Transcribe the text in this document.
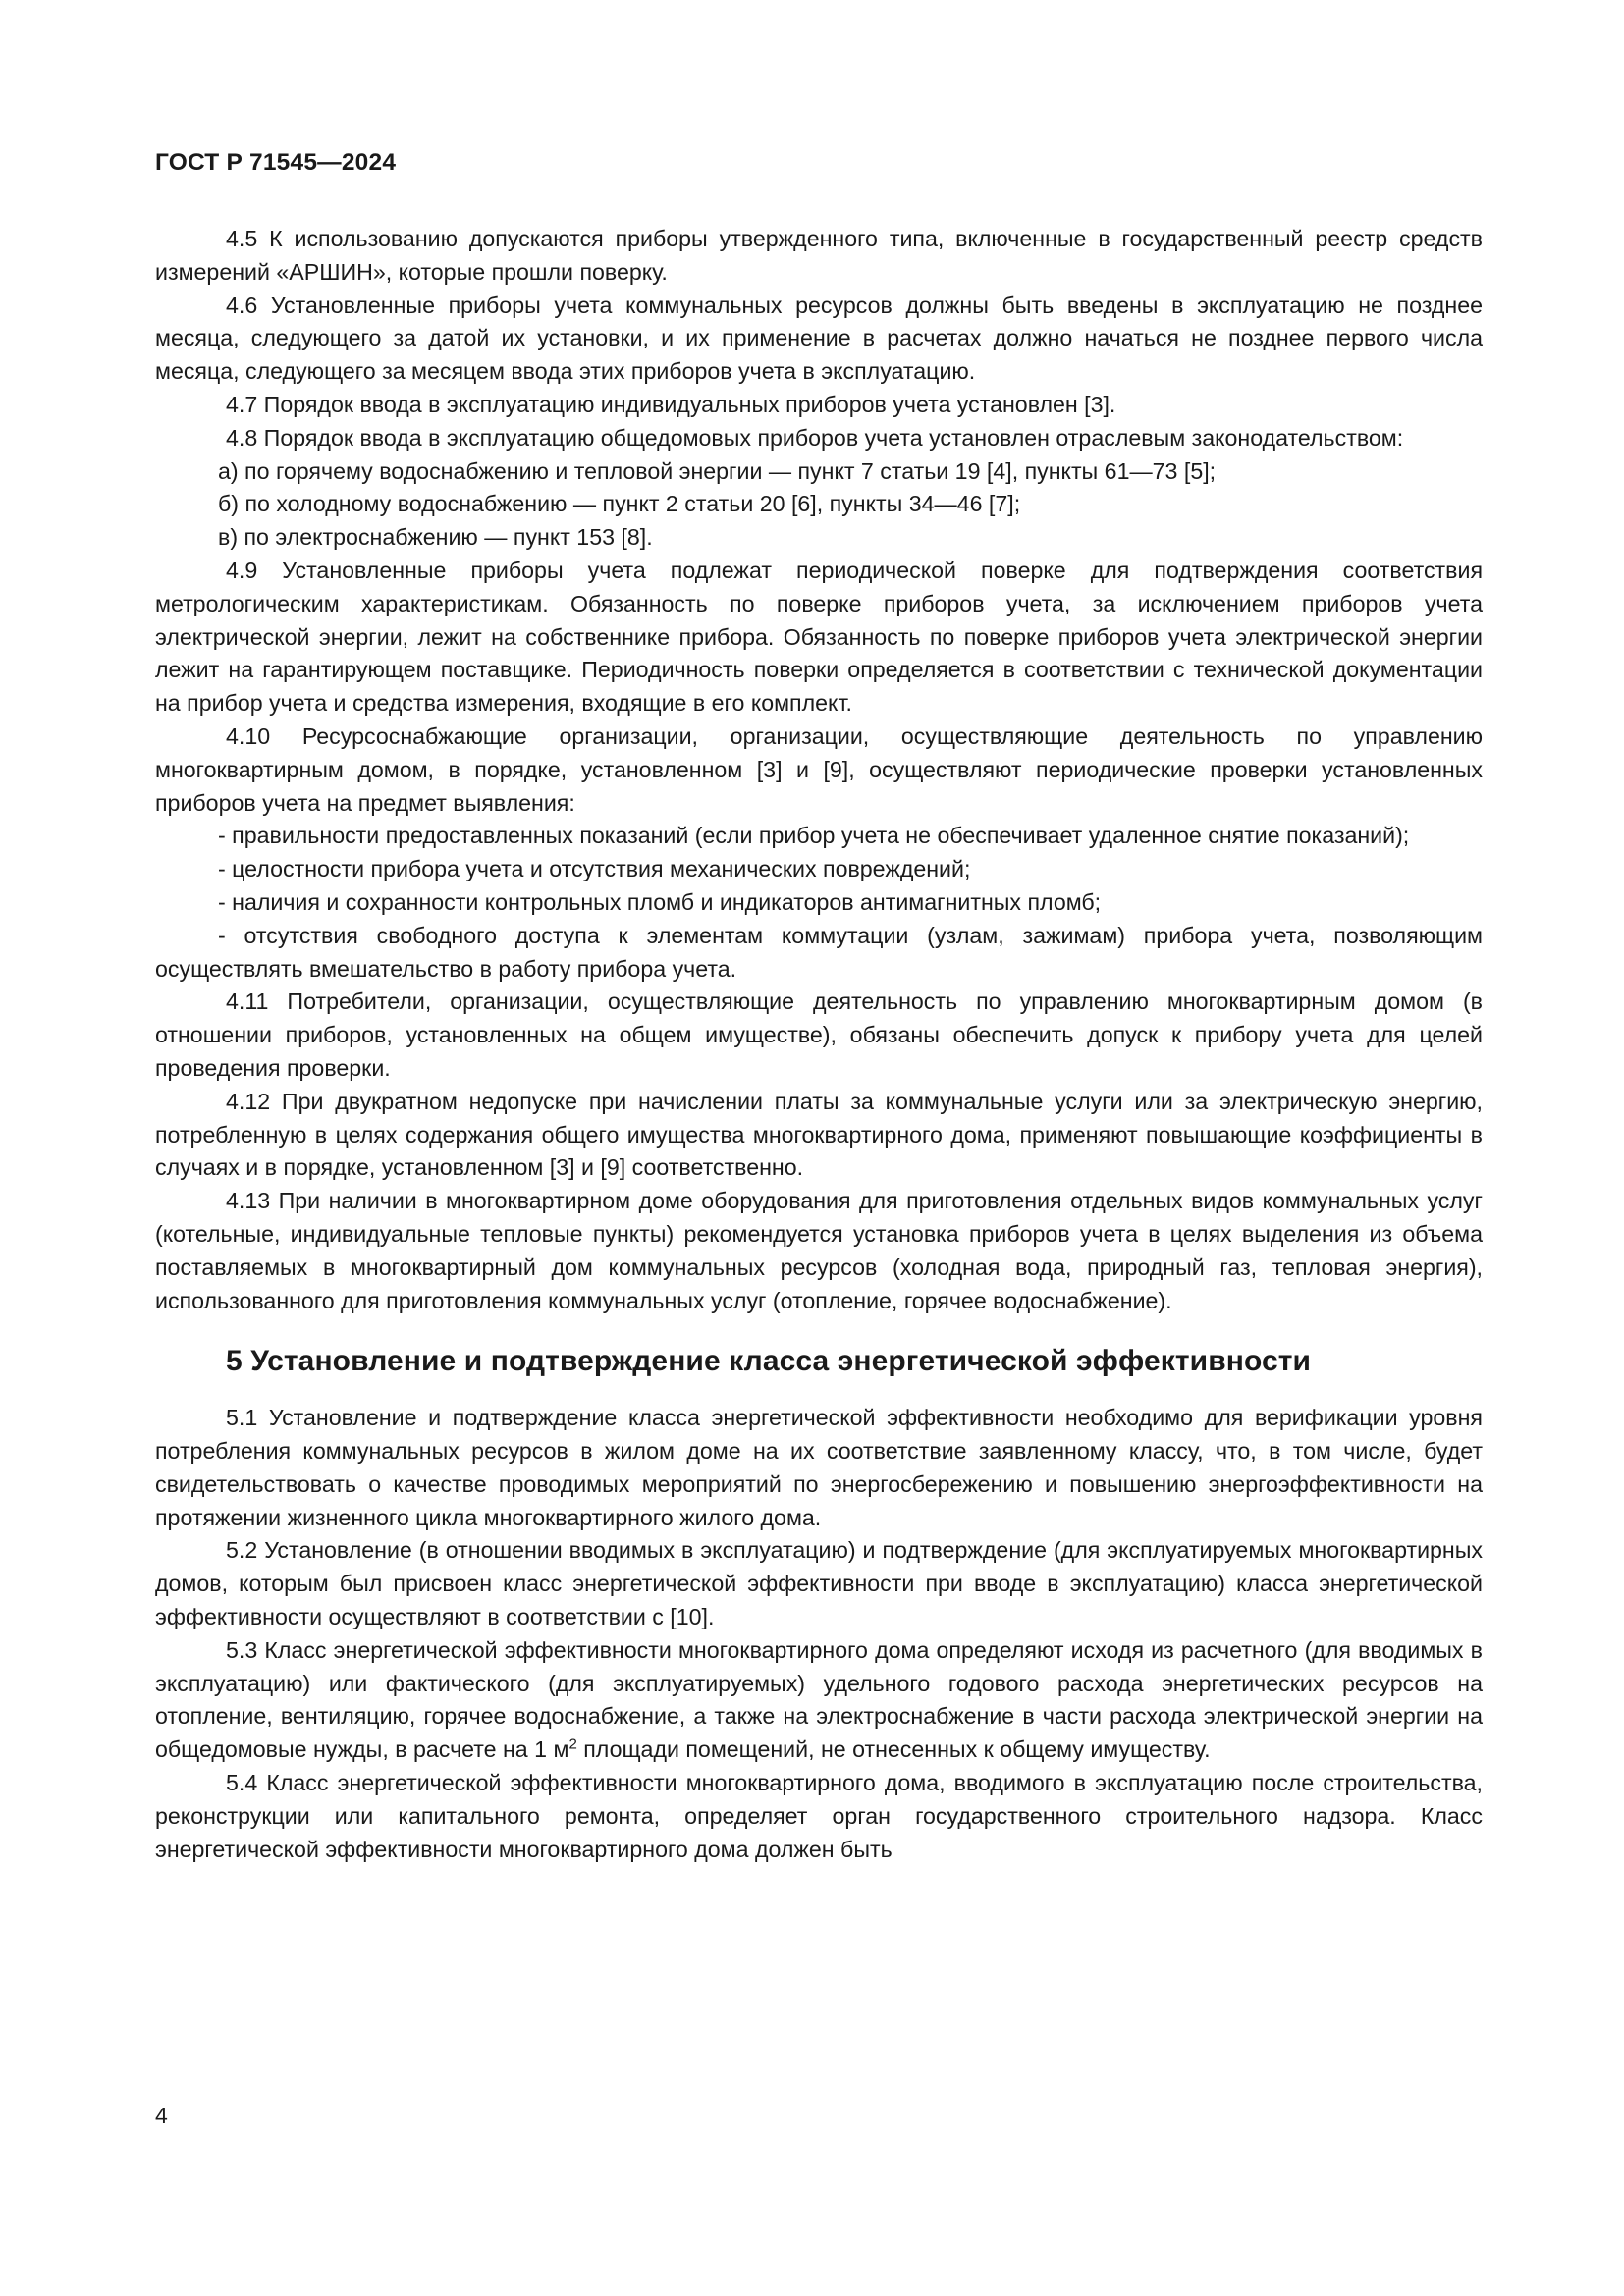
ГОСТ Р 71545—2024

4.5 К использованию допускаются приборы утвержденного типа, включенные в государственный реестр средств измерений «АРШИН», которые прошли поверку.

4.6 Установленные приборы учета коммунальных ресурсов должны быть введены в эксплуатацию не позднее месяца, следующего за датой их установки, и их применение в расчетах должно начаться не позднее первого числа месяца, следующего за месяцем ввода этих приборов учета в эксплуатацию.

4.7 Порядок ввода в эксплуатацию индивидуальных приборов учета установлен [3].

4.8 Порядок ввода в эксплуатацию общедомовых приборов учета установлен отраслевым законодательством:

а) по горячему водоснабжению и тепловой энергии — пункт 7 статьи 19 [4], пункты 61—73 [5];

б) по холодному водоснабжению — пункт 2 статьи 20 [6], пункты 34—46 [7];

в) по электроснабжению — пункт 153 [8].

4.9 Установленные приборы учета подлежат периодической поверке для подтверждения соответствия метрологическим характеристикам. Обязанность по поверке приборов учета, за исключением приборов учета электрической энергии, лежит на собственнике прибора. Обязанность по поверке приборов учета электрической энергии лежит на гарантирующем поставщике. Периодичность поверки определяется в соответствии с технической документации на прибор учета и средства измерения, входящие в его комплект.

4.10 Ресурсоснабжающие организации, организации, осуществляющие деятельность по управлению многоквартирным домом, в порядке, установленном [3] и [9], осуществляют периодические проверки установленных приборов учета на предмет выявления:

- правильности предоставленных показаний (если прибор учета не обеспечивает удаленное снятие показаний);

- целостности прибора учета и отсутствия механических повреждений;

- наличия и сохранности контрольных пломб и индикаторов антимагнитных пломб;

- отсутствия свободного доступа к элементам коммутации (узлам, зажимам) прибора учета, позволяющим осуществлять вмешательство в работу прибора учета.

4.11 Потребители, организации, осуществляющие деятельность по управлению многоквартирным домом (в отношении приборов, установленных на общем имуществе), обязаны обеспечить допуск к прибору учета для целей проведения проверки.

4.12 При двукратном недопуске при начислении платы за коммунальные услуги или за электрическую энергию, потребленную в целях содержания общего имущества многоквартирного дома, применяют повышающие коэффициенты в случаях и в порядке, установленном [3] и [9] соответственно.

4.13 При наличии в многоквартирном доме оборудования для приготовления отдельных видов коммунальных услуг (котельные, индивидуальные тепловые пункты) рекомендуется установка приборов учета в целях выделения из объема поставляемых в многоквартирный дом коммунальных ресурсов (холодная вода, природный газ, тепловая энергия), использованного для приготовления коммунальных услуг (отопление, горячее водоснабжение).

5 Установление и подтверждение класса энергетической эффективности

5.1 Установление и подтверждение класса энергетической эффективности необходимо для верификации уровня потребления коммунальных ресурсов в жилом доме на их соответствие заявленному классу, что, в том числе, будет свидетельствовать о качестве проводимых мероприятий по энергосбережению и повышению энергоэффективности на протяжении жизненного цикла многоквартирного жилого дома.

5.2 Установление (в отношении вводимых в эксплуатацию) и подтверждение (для эксплуатируемых многоквартирных домов, которым был присвоен класс энергетической эффективности при вводе в эксплуатацию) класса энергетической эффективности осуществляют в соответствии с [10].

5.3 Класс энергетической эффективности многоквартирного дома определяют исходя из расчетного (для вводимых в эксплуатацию) или фактического (для эксплуатируемых) удельного годового расхода энергетических ресурсов на отопление, вентиляцию, горячее водоснабжение, а также на электроснабжение в части расхода электрической энергии на общедомовые нужды, в расчете на 1 $м^2$ площади помещений, не отнесенных к общему имуществу.

5.4 Класс энергетической эффективности многоквартирного дома, вводимого в эксплуатацию после строительства, реконструкции или капитального ремонта, определяет орган государственного строительного надзора. Класс энергетической эффективности многоквартирного дома должен быть

4
